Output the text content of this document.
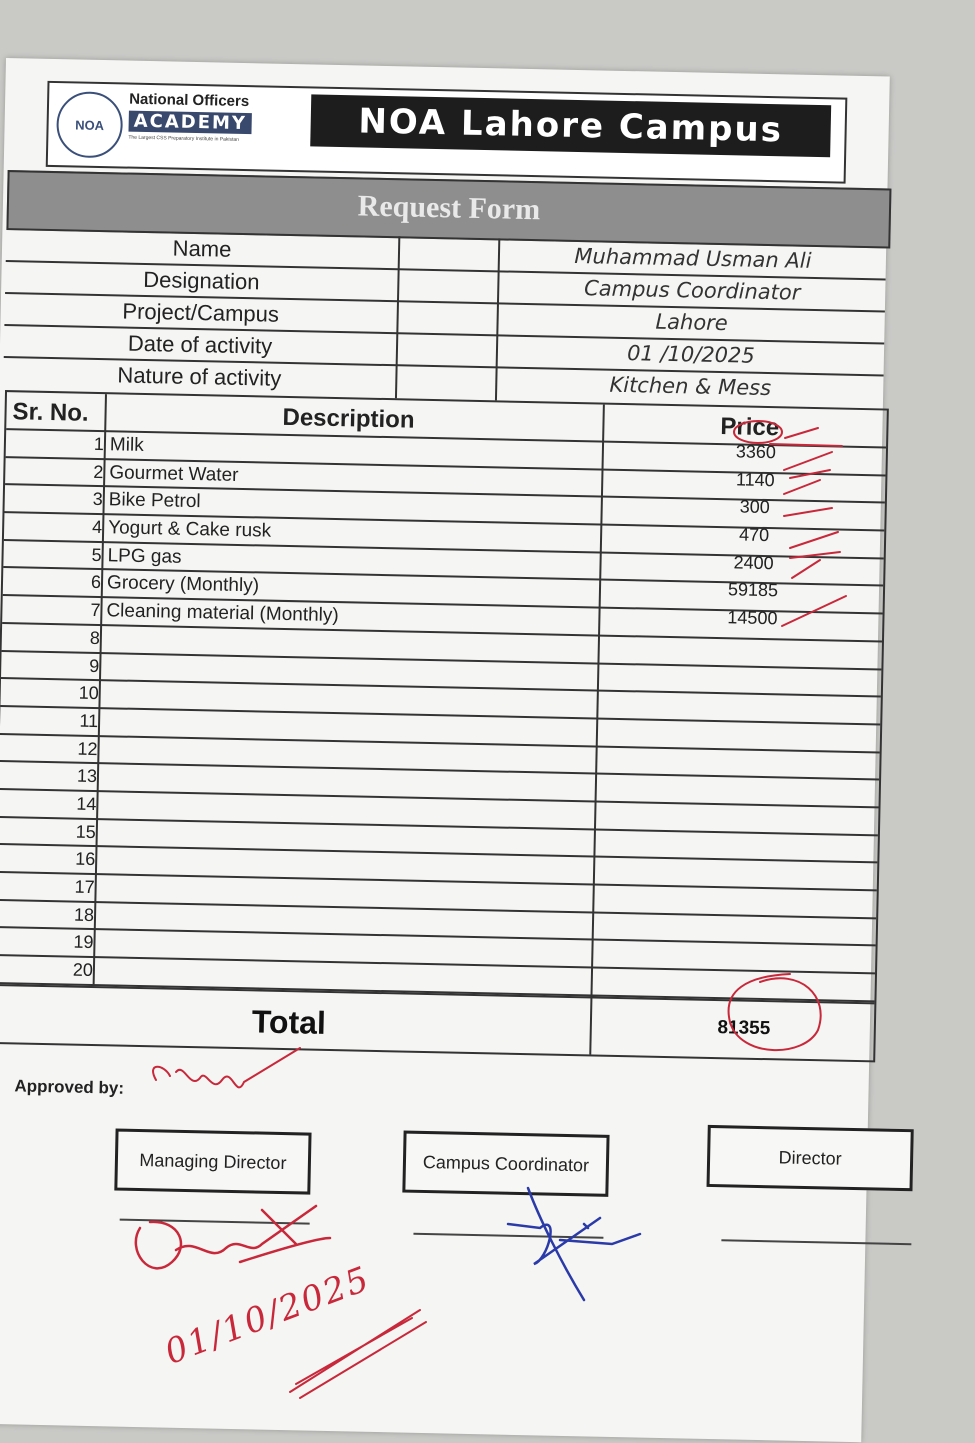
NOA
National Officers
ACADEMY
The Largest CSS Preparatory Institute in Pakistan	NOA Lahore Campus
Request Form
Name	Muhammad Usman Ali
Designation	Campus Coordinator
Project/Campus	Lahore
Date of activity	01 /10/2025
Nature of activity	Kitchen & Mess
Sr. No.	Description	Price
1 Milk	3360
2 Gourmet Water	1140
3 Bike Petrol	300
4 Yogurt & Cake rusk	470
5 LPG gas	2400
6 Grocery (Monthly)	59185
7 Cleaning material (Monthly)	14500
8
9
10
11
12
13
14
15
16
17
18
19
20
Total	81355
Approved by:
Managing Director	Campus Coordinator	Director
01/10/2025
